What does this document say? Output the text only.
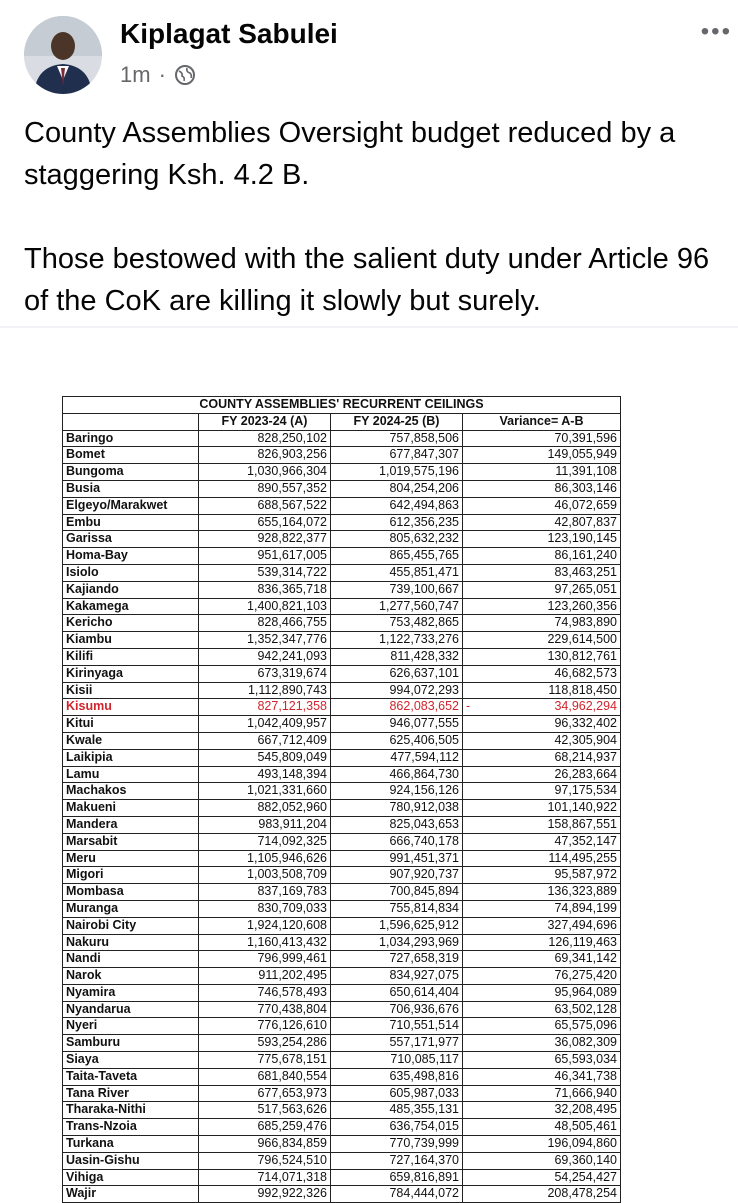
Kiplagat Sabulei
1m ·
•••

County Assemblies Oversight budget reduced by a staggering Ksh. 4.2 B.

Those bestowed with the salient duty under Article 96 of the CoK are killing it slowly but surely.

COUNTY ASSEMBLIES' RECURRENT CEILINGS			
	FY 2023-24 (A)	FY 2024-25 (B)	Variance= A-B
Baringo	828,250,102	757,858,506	70,391,596
Bomet	826,903,256	677,847,307	149,055,949
Bungoma	1,030,966,304	1,019,575,196	11,391,108
Busia	890,557,352	804,254,206	86,303,146
Elgeyo/Marakwet	688,567,522	642,494,863	46,072,659
Embu	655,164,072	612,356,235	42,807,837
Garissa	928,822,377	805,632,232	123,190,145
Homa-Bay	951,617,005	865,455,765	86,161,240
Isiolo	539,314,722	455,851,471	83,463,251
Kajiando	836,365,718	739,100,667	97,265,051
Kakamega	1,400,821,103	1,277,560,747	123,260,356
Kericho	828,466,755	753,482,865	74,983,890
Kiambu	1,352,347,776	1,122,733,276	229,614,500
Kilifi	942,241,093	811,428,332	130,812,761
Kirinyaga	673,319,674	626,637,101	46,682,573
Kisii	1,112,890,743	994,072,293	118,818,450
Kisumu	827,121,358	862,083,652	- 34,962,294
Kitui	1,042,409,957	946,077,555	96,332,402
Kwale	667,712,409	625,406,505	42,305,904
Laikipia	545,809,049	477,594,112	68,214,937
Lamu	493,148,394	466,864,730	26,283,664
Machakos	1,021,331,660	924,156,126	97,175,534
Makueni	882,052,960	780,912,038	101,140,922
Mandera	983,911,204	825,043,653	158,867,551
Marsabit	714,092,325	666,740,178	47,352,147
Meru	1,105,946,626	991,451,371	114,495,255
Migori	1,003,508,709	907,920,737	95,587,972
Mombasa	837,169,783	700,845,894	136,323,889
Muranga	830,709,033	755,814,834	74,894,199
Nairobi City	1,924,120,608	1,596,625,912	327,494,696
Nakuru	1,160,413,432	1,034,293,969	126,119,463
Nandi	796,999,461	727,658,319	69,341,142
Narok	911,202,495	834,927,075	76,275,420
Nyamira	746,578,493	650,614,404	95,964,089
Nyandarua	770,438,804	706,936,676	63,502,128
Nyeri	776,126,610	710,551,514	65,575,096
Samburu	593,254,286	557,171,977	36,082,309
Siaya	775,678,151	710,085,117	65,593,034
Taita-Taveta	681,840,554	635,498,816	46,341,738
Tana River	677,653,973	605,987,033	71,666,940
Tharaka-Nithi	517,563,626	485,355,131	32,208,495
Trans-Nzoia	685,259,476	636,754,015	48,505,461
Turkana	966,834,859	770,739,999	196,094,860
Uasin-Gishu	796,524,510	727,164,370	69,360,140
Vihiga	714,071,318	659,816,891	54,254,427
Wajir	992,922,326	784,444,072	208,478,254
